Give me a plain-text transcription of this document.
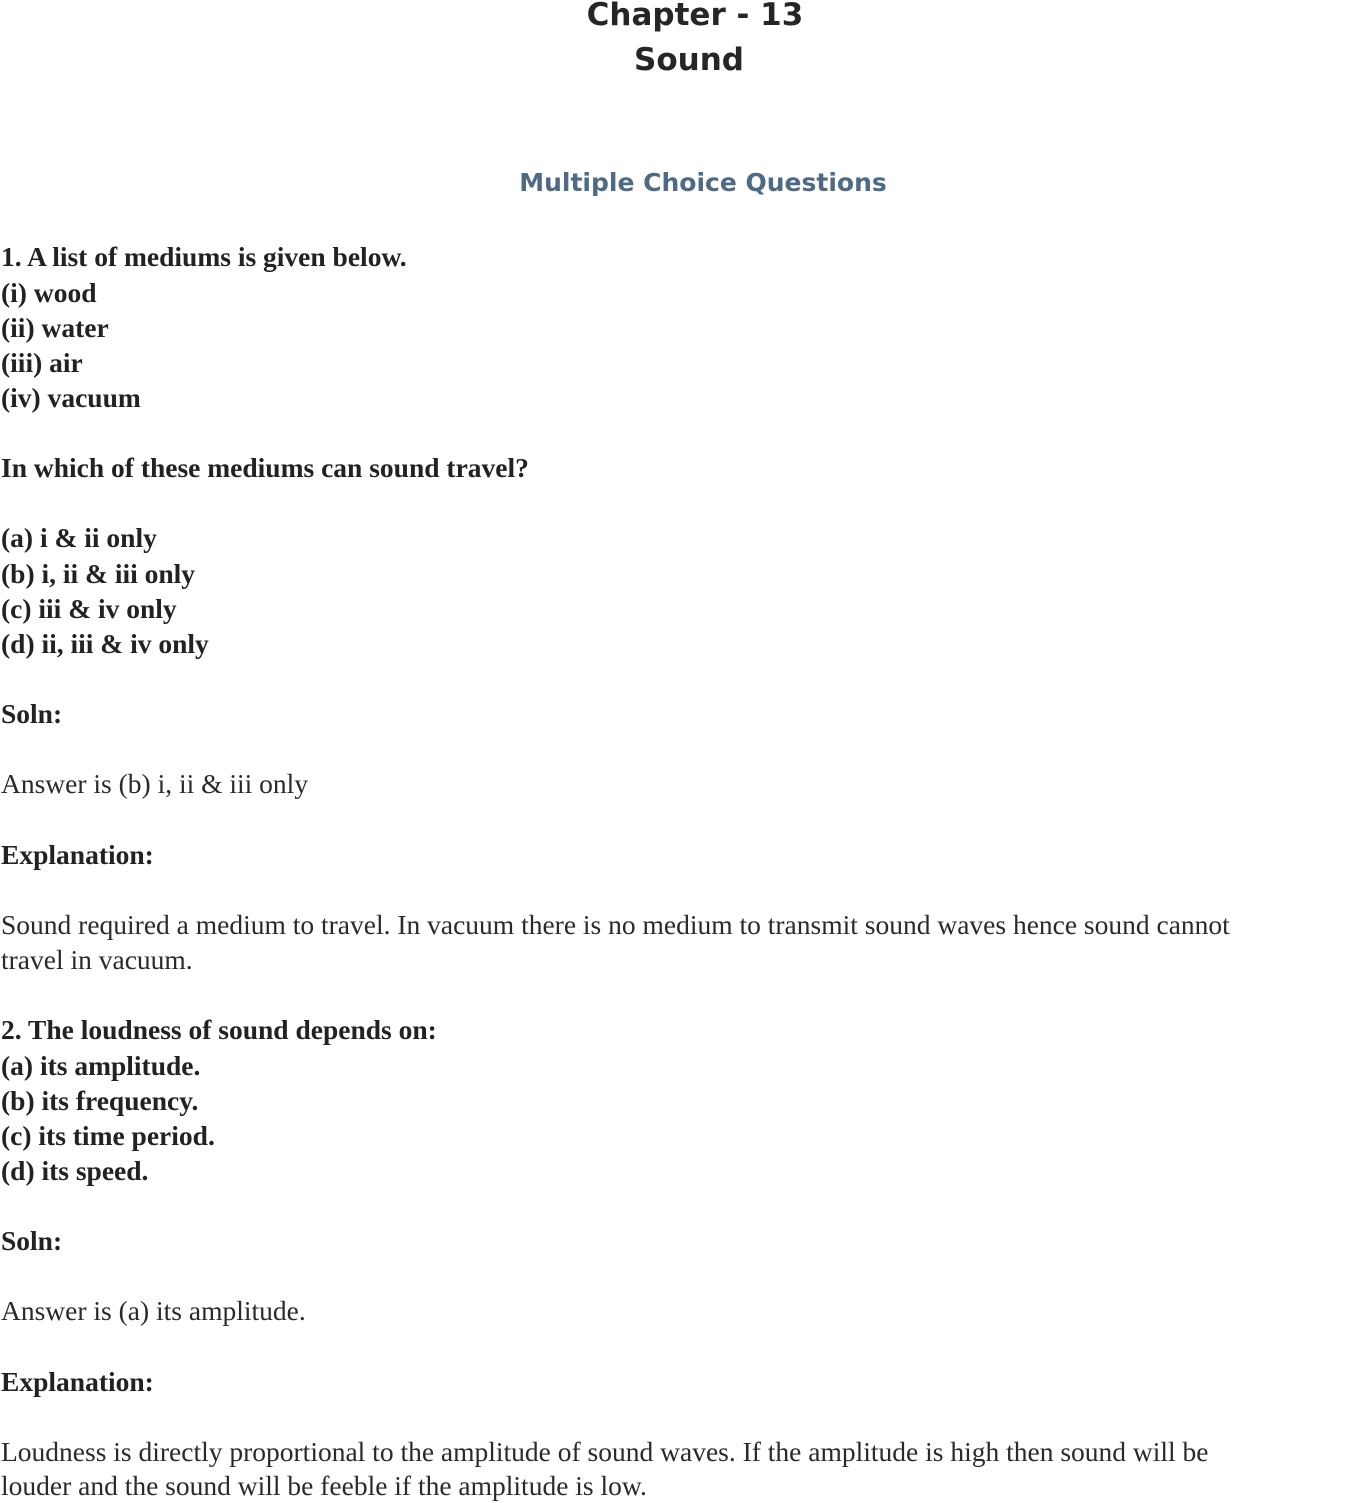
Chapter - 13
Sound
Multiple Choice Questions
1. A list of mediums is given below.
(i) wood
(ii) water
(iii) air
(iv) vacuum
In which of these mediums can sound travel?
(a) i & ii only
(b) i, ii & iii only
(c) iii & iv only
(d) ii, iii & iv only
Soln:
Answer is (b) i, ii & iii only
Explanation:
Sound required a medium to travel. In vacuum there is no medium to transmit sound waves hence sound cannot
travel in vacuum.
2. The loudness of sound depends on:
(a) its amplitude.
(b) its frequency.
(c) its time period.
(d) its speed.
Soln:
Answer is (a) its amplitude.
Explanation:
Loudness is directly proportional to the amplitude of sound waves. If the amplitude is high then sound will be
louder and the sound will be feeble if the amplitude is low.
